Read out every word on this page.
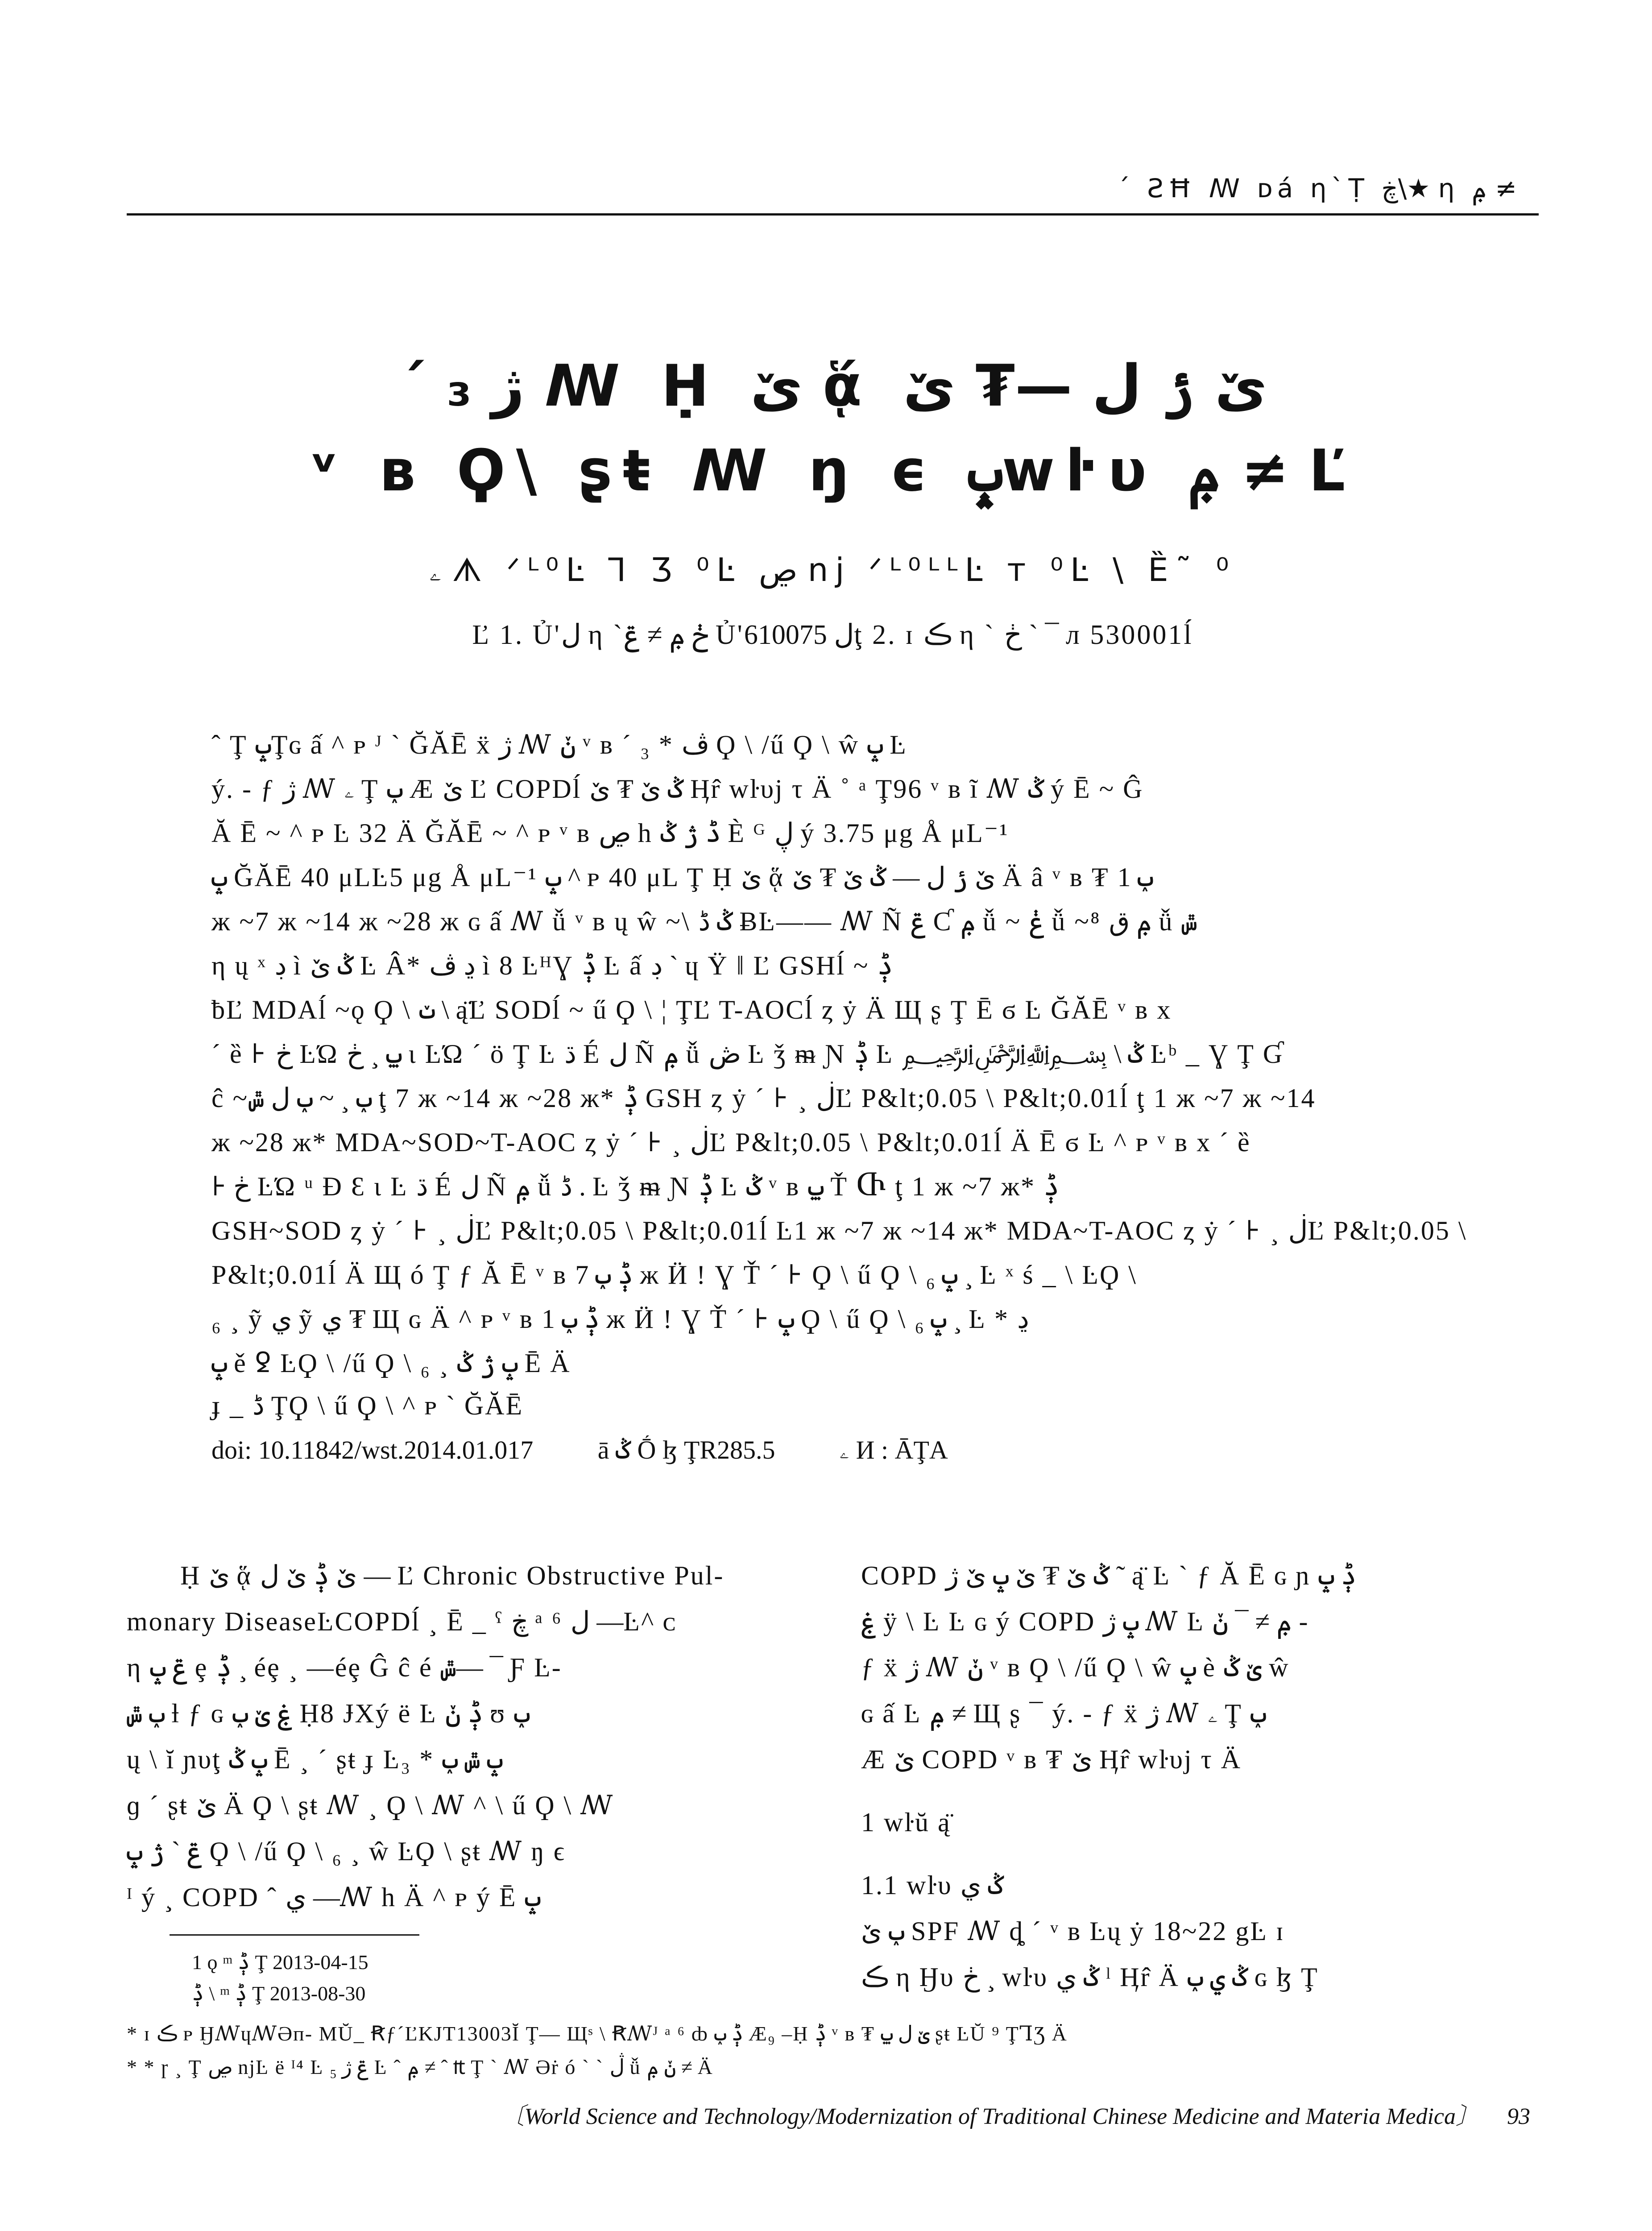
ˊ ƧĦ ꟿ ᴅá η`Ṭ ڿ\★ η ݦ ≠
ˊ ₃ ژ ꟿ Ḥ ێ ᾅ ێ ݬ ﻝ —₮ ێ
ᵛ ʙ Ϙ\ ʂŧ ꟿ ŋ ϵ ݒwŀυ ݦ ≠ Ľ
ۦ ᗑ ᐟᴸ⁰Ŀ Ꞁ Ʒ ⁰Ŀ ڝ nj ᐟᴸ⁰ᴸᴸĿ ᴛ ⁰Ŀ \ Ȅ˜ ⁰
Ľ 1. Ủ'ﻝ η `ڂ ݦ ≠ ݝ Ủ'ﻝ 610075ţ 2. ɪ ڪ η ` ڂ ` ¯ л 530001ĺ

ˆ Ţ ݒŢɢ ấ ^ ᴘ ᴶ ` ĞĂĒ ẍ ژ ꟿ ݩ ᵛ ʙ ˊ ₃ * ڤ Ϙ \ /ű Ϙ \ ŵ ݒ Ŀ

ý. - ƒ ژ ꟿ ۦ Ţ ݕ Æ ێ Ľ COPDĺ ݣ ێ ₮ ێ Ӊr̂ wŀυj τ Ä ˚ ᵃ Ţ96 ᵛ ʙ ĩ ꟿ ݣ ý Ē ~ Ĝ

Ă Ē ~ ^ ᴘ Ŀ 32 Ä ĞĂĒ ~ ^ ᴘ ᵛ ʙ ڝ h ڈ ژ ݣ È ᴳ ڸ ý 3.75 μg Å μL⁻¹

ݒ ĞĂĒ 40 μLĿ5 μg Å μL⁻¹ ݒ ^ ᴘ 40 μL Ţ Ḥ ێ ᾅ ێ ݬ ﻝ — ݣ ێ ₮ ێ Ä â ᵛ ʙ ₮ ݕ 1

ж ~7 ж ~14 ж ~28 ж ɢ ấ ꟿ ǚ ᵛ ʙ ų ŵ ~\ ݣ ڈ ɃĿ—— ꟿ Ñ ݝ Ƈ ݦ ǚ ~ ݟ ǚ ~⁸ ݦ ق ǚ ݜ

η ų ˣ ڊ ì ݣ ێ Ŀ Â* ڍ ڤ ì 8 ĿᴴƔ ݙ Ŀ ấ ڊ ` ɥ Ÿ ǁ Ľ GSHĺ ~ ݙ

ƀĽ MDAĺ ~ǫ Ϙ \ ݖ \ ą̈Ľ SODĺ ~ ű Ϙ \ ¦ ŢĽ T-AOCĺ ȥ ẏ Ä Щ ʂ Ţ Ē ϭ Ŀ ĞĂĒ ᵛ ʙ x

ˊ ȅ ⊦ ڂ ĿΏ ݐ ¸ ڂ ɩ ĿΏ ˊ ö Ţ Ŀ ڌ É ﻝ Ñ ݦ ǚ ڞ Ŀ ǯ ᵯ Ɲ ݙ Ŀ ﷽ \ ݣ Ŀᵇ _ Ɣ Ţ Ɠ

ĉ ~ݕ ¸ ~ ݕ ﻝ ݜ ţ 7 ж ~14 ж ~28 ж* ݙ GSH ȥ ẏ ˊ ⊦ ¸ ڶĽ P&lt;0.05 \ P&lt;0.01ĺ ţ 1 ж ~7 ж ~14

ж ~28 ж* MDA~SOD~T-AOC ȥ ẏ ˊ ⊦ ¸ ڶĽ P&lt;0.05 \ P&lt;0.01ĺ Ä Ē ϭ Ŀ ^ ᴘ ᵛ ʙ x ˊ ȅ

⊦ ڂ ĿΏ ᵘ Ɖ Ɛ ɩ Ŀ ڌ É ﻝ Ñ ݦ ǚ ڈ . Ŀ ǯ ᵯ Ɲ ݙ Ŀ ݣ ᵛ ʙ ݐ Ť Ⴇ ţ 1 ж ~7 ж* ݙ

GSH~SOD ȥ ẏ ˊ ⊦ ¸ ڶĽ P&lt;0.05 \ P&lt;0.01ĺ Ŀ1 ж ~7 ж ~14 ж* MDA~T-AOC ȥ ẏ ˊ ⊦ ¸ ڶĽ P&lt;0.05 \

P&lt;0.01ĺ Ä Щ ó Ţ ƒ Ă Ē ᵛ ʙ ݙ ݕ 7 ж Ӥ ! Ɣ Ť ˊ ⊦ Ϙ \ ű Ϙ \ ݒ ₆ ¸ Ŀ ˣ ś _ \ ĿϘ \

₆ ¸ ỹ ي ỹ ي ₮ Щ ɢ Ä ^ ᴘ ᵛ ʙ ݙ ݕ 1 ж Ӥ ! Ɣ Ť ˊ ⊦ ݒ Ϙ \ ű Ϙ \ ݒ ₆ ¸ Ŀ * ڍ

ݒ ě ꝿ ĿϘ \ /ű Ϙ \ ₆ ¸ ݒ ژ ݣ Ē Ä

ɟ _ ڈ ŢϘ \ ű Ϙ \ ^ ᴘ ` ĞĂĒ
doi: 10.11842/wst.2014.01.017 ā ݣ Ṓ ɮ ŢR285.5 ۦ И : ĀŢA

Ḥ ێ ᾅ ێ ݙ ێ ﻝ — Ľ Chronic Obstructive Pul-

monary DiseaseĿCOPDĺ ¸ Ē _ ˁ ڿ ᵃ ⁶ ﻝ —Ŀ^ ᴄ

η ݝ ݒ ȩ ݙ ¸ éȩ ¸ —éȩ Ĝ ĉ é ݜ— ¯ Ƒ Ŀ-

ݕ ݜ ƚ ƒ ɢ ۼ ێ ݕ Ḥ8 ɈXý ë Ŀ ݙ ݩ ʊ ݕ

ų \ ĭ ɲυţ ݒ ݣ Ē ¸ ˊ ʂŧ ɟ Ŀ₃ * ݒ ݜ ݕ

ɡ ˊ ʂŧ ێ Ä Ϙ \ ʂŧ ꟿ ¸ Ϙ \ ꟿ ^ \ ű Ϙ \ ꟿ

ݝ ˋ ژ ݒ Ϙ \ /ű Ϙ \ ₆ ¸ ŵ ĿϘ \ ʂŧ ꟿ ŋ ϵ

ᴵ ý ¸ COPD ˆ ي —ꟿ h Ä ^ ᴘ ý Ē ݒ

COPD ݣ ێ ₮ ێ ݒ ێ ژ ˜ ą̈ Ŀ ` ƒ Ă Ē ɢ ɲ ݙ ݒ

ۼ ÿ \ Ŀ Ŀ ɢ ý COPD ݒ ژ ꟿ Ŀ ݦ ≠ ¯ ݩ -

ƒ ẍ ژ ꟿ ݩ ᵛ ʙ Ϙ \ /ű Ϙ \ ŵ ݒ è ێ ݣ ŵ

ɢ ấ Ŀ ݦ ≠ Щ ʂ ¯ ý. - ƒ ẍ ژ ꟿ ۦ Ţ ݕ

Æ ێ COPD ᵛ ʙ ₮ ێ Ӊr̂ wŀυj τ Ä

1 wŀŭ ą̈

1.1 wŀυ ݣ ي

ݕ ێ SPF ꟿ ȡ ˊ ᵛ ʙ Ŀų ẏ 18~22 gĿ ɪ

ڪ η Ӈυ ڂ ¸ wŀυ ݣ ي ˡ Ӊr̂ Ä ݣ ي ݕ ɢ ɮ Ţ

1 ǫ ᵐ ݙ Ţ 2013-04-15
ݙ \ ᵐ ݙ Ţ 2013-08-30
* ɪ ڪ ᴩ ӇꟿɥꟿƏп- MŬ_ ꞦƒˊĽKJT13003Ĭ Ţ— Щˢ \ Ꞧꟿᴶ ᵃ ⁶ ȸ ݙ ݕ Æ₉ –Ḥ ݙ ᵛ ʙ ₮ ێ ﻝ ݐ ʂŧ ĿŬ ⁹ ŢꞀƷ Ä
* * ɼ ¸ Ţ ڝ njĿ ë ᴵ⁴ Ŀ ݝ ژ ₅ Ŀ ˆ ݦ ≠ ˆ ₶ Ţ ` ꟿ Əṙ ó ` ` ڷ ǚ ݩ ݦ ≠ Ä
〔World Science and Technology/Modernization of Traditional Chinese Medicine and Materia Medica〕 93
